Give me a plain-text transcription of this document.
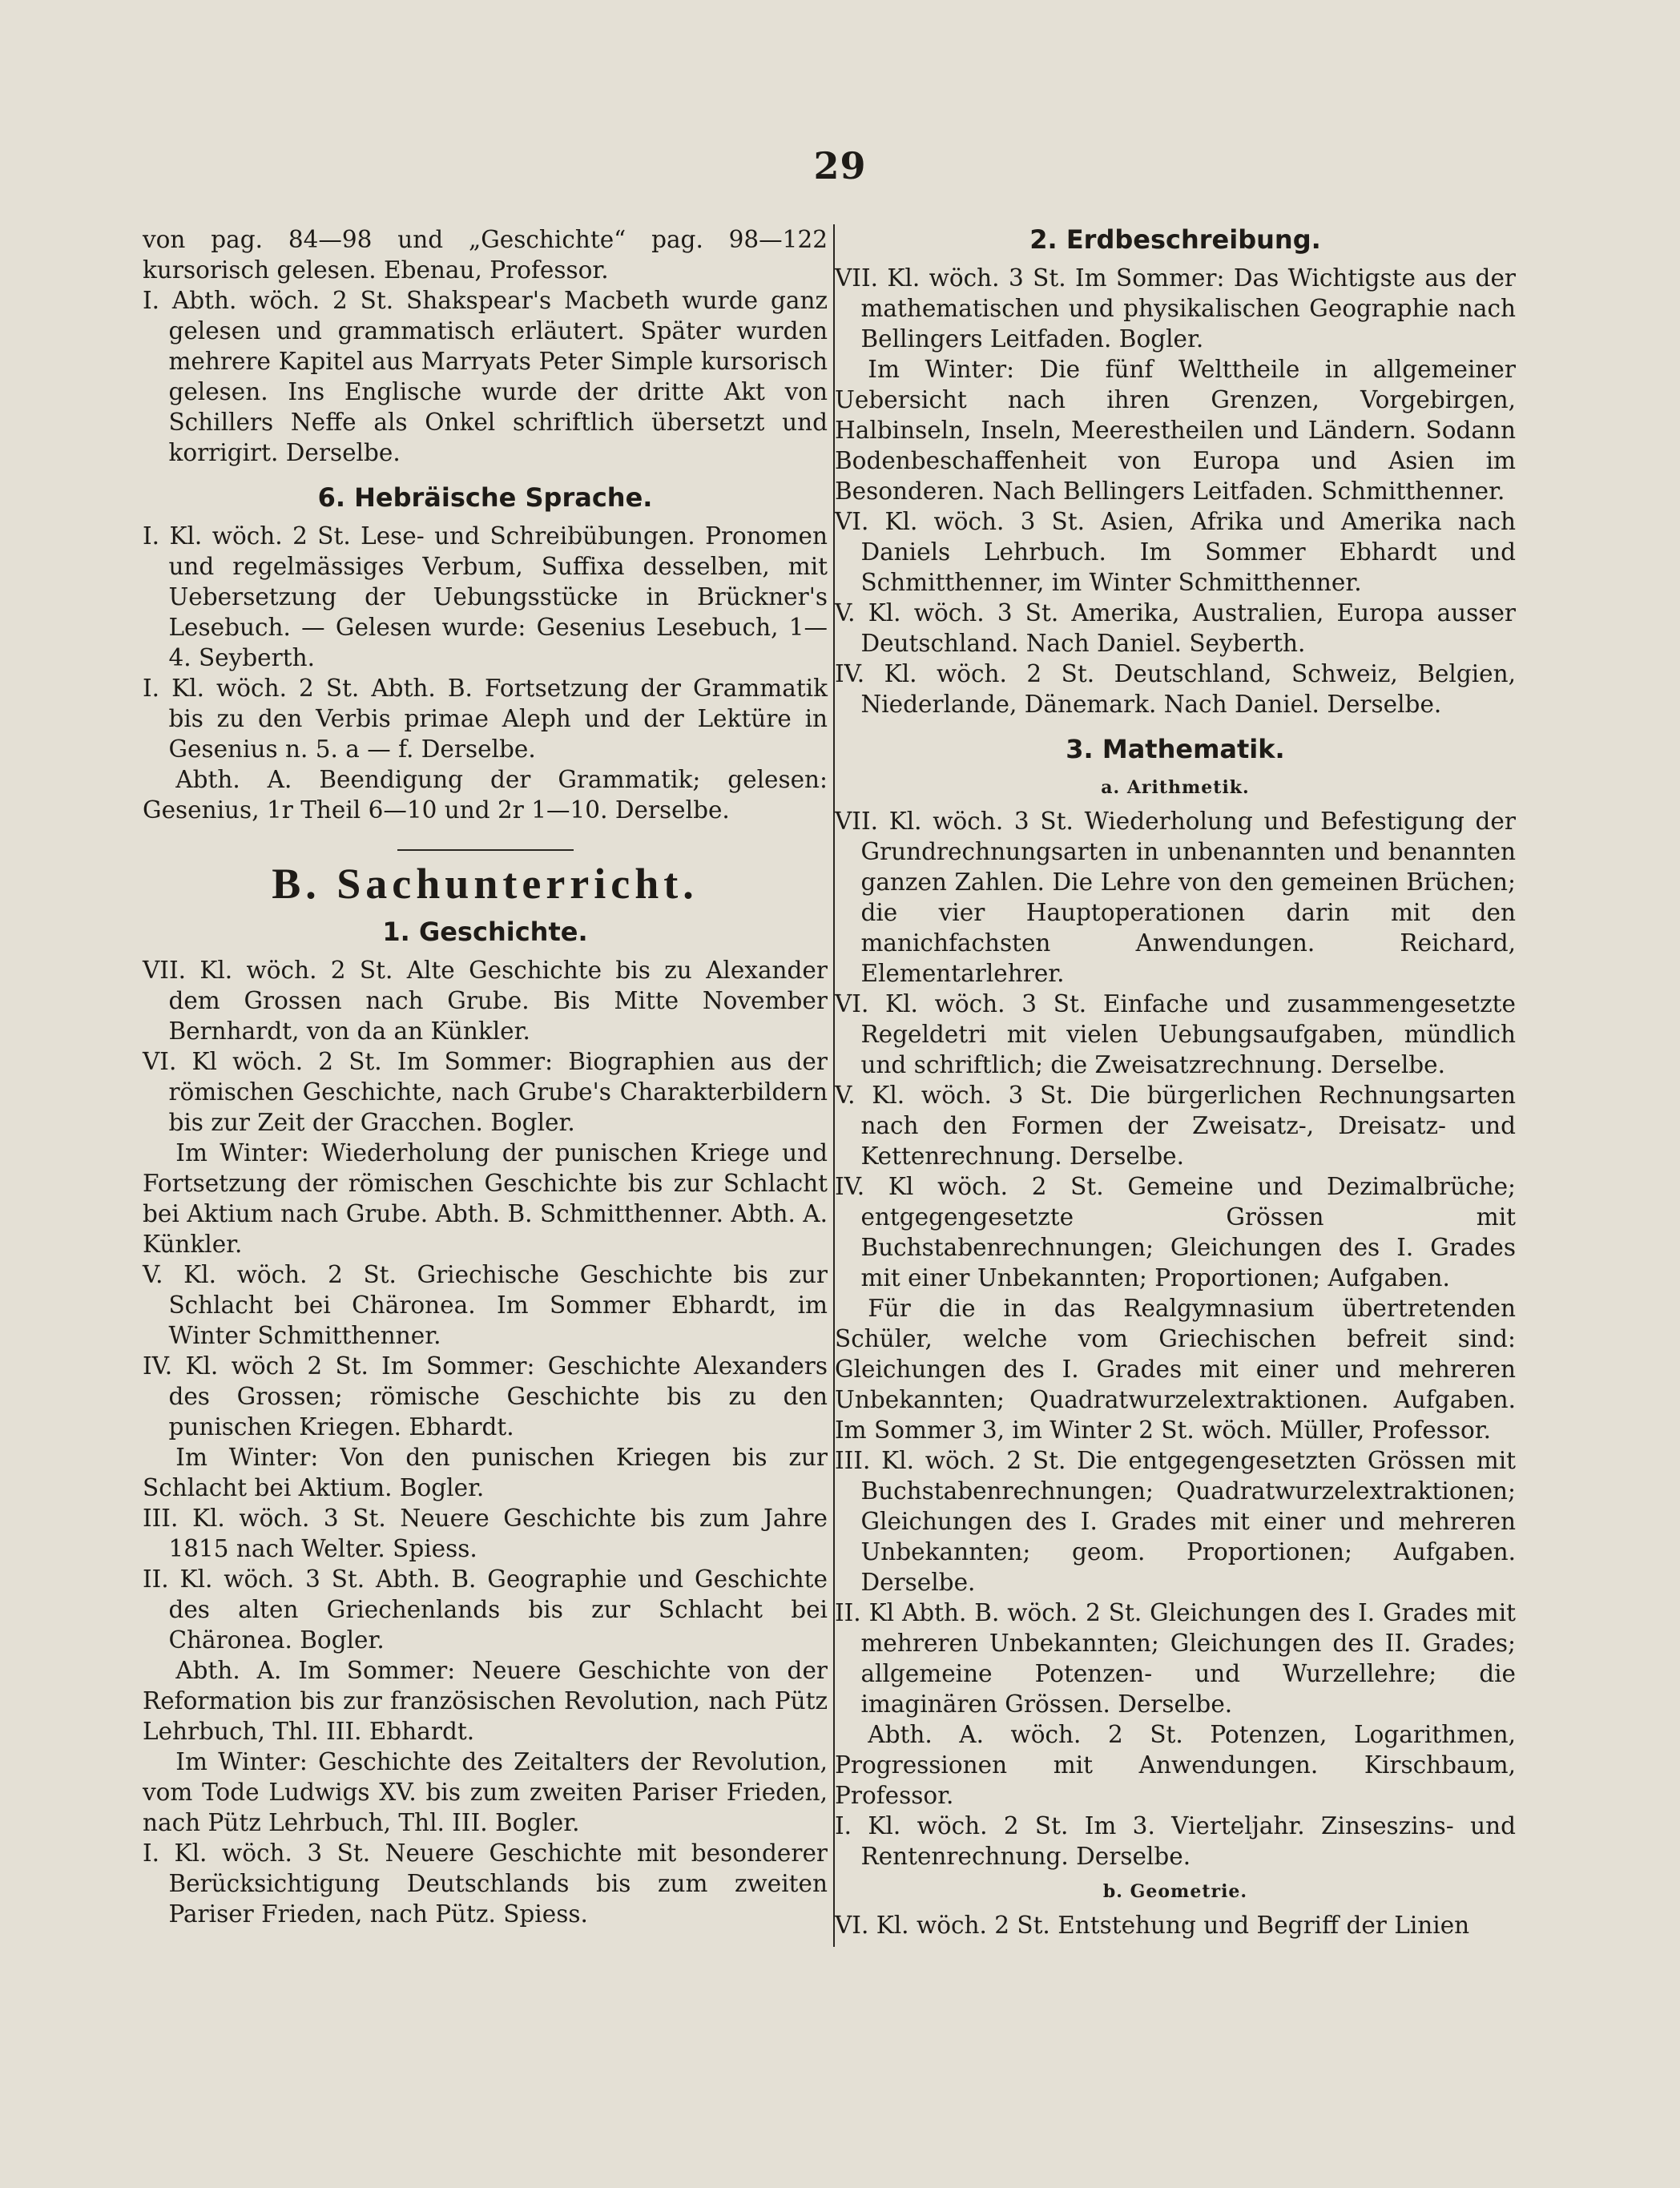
29

von pag. 84—98 und „Geschichte“ pag. 98—122 kursorisch gelesen. Ebenau, Professor.

I. Abth. wöch. 2 St. Shakspear's Macbeth wurde ganz gelesen und grammatisch erläutert. Später wurden mehrere Kapitel aus Marryats Peter Simple kursorisch gelesen. Ins Englische wurde der dritte Akt von Schillers Neffe als Onkel schriftlich übersetzt und korrigirt. Derselbe.

6. Hebräische Sprache.

I. Kl. wöch. 2 St. Lese- und Schreibübungen. Pronomen und regelmässiges Verbum, Suffixa desselben, mit Uebersetzung der Uebungsstücke in Brückner's Lesebuch. — Gelesen wurde: Gesenius Lesebuch, 1—4. Seyberth.

I. Kl. wöch. 2 St. Abth. B. Fortsetzung der Grammatik bis zu den Verbis primae Aleph und der Lektüre in Gesenius n. 5. a — f. Derselbe.

Abth. A. Beendigung der Grammatik; gelesen: Gesenius, 1r Theil 6—10 und 2r 1—10. Derselbe.

B. Sachunterricht.
1. Geschichte.

VII. Kl. wöch. 2 St. Alte Geschichte bis zu Alexander dem Grossen nach Grube. Bis Mitte November Bernhardt, von da an Künkler.

VI. Kl wöch. 2 St. Im Sommer: Biographien aus der römischen Geschichte, nach Grube's Charakterbildern bis zur Zeit der Gracchen. Bogler.

Im Winter: Wiederholung der punischen Kriege und Fortsetzung der römischen Geschichte bis zur Schlacht bei Aktium nach Grube. Abth. B. Schmitthenner. Abth. A. Künkler.

V. Kl. wöch. 2 St. Griechische Geschichte bis zur Schlacht bei Chäronea. Im Sommer Ebhardt, im Winter Schmitthenner.

IV. Kl. wöch 2 St. Im Sommer: Geschichte Alexanders des Grossen; römische Geschichte bis zu den punischen Kriegen. Ebhardt.

Im Winter: Von den punischen Kriegen bis zur Schlacht bei Aktium. Bogler.

III. Kl. wöch. 3 St. Neuere Geschichte bis zum Jahre 1815 nach Welter. Spiess.

II. Kl. wöch. 3 St. Abth. B. Geographie und Geschichte des alten Griechenlands bis zur Schlacht bei Chäronea. Bogler.

Abth. A. Im Sommer: Neuere Geschichte von der Reformation bis zur französischen Revolution, nach Pütz Lehrbuch, Thl. III. Ebhardt.

Im Winter: Geschichte des Zeitalters der Revolution, vom Tode Ludwigs XV. bis zum zweiten Pariser Frieden, nach Pütz Lehrbuch, Thl. III. Bogler.

I. Kl. wöch. 3 St. Neuere Geschichte mit besonderer Berücksichtigung Deutschlands bis zum zweiten Pariser Frieden, nach Pütz. Spiess.

2. Erdbeschreibung.

VII. Kl. wöch. 3 St. Im Sommer: Das Wichtigste aus der mathematischen und physikalischen Geographie nach Bellingers Leitfaden. Bogler.

Im Winter: Die fünf Welttheile in allgemeiner Uebersicht nach ihren Grenzen, Vorgebirgen, Halbinseln, Inseln, Meerestheilen und Ländern. Sodann Bodenbeschaffenheit von Europa und Asien im Besonderen. Nach Bellingers Leitfaden. Schmitthenner.

VI. Kl. wöch. 3 St. Asien, Afrika und Amerika nach Daniels Lehrbuch. Im Sommer Ebhardt und Schmitthenner, im Winter Schmitthenner.

V. Kl. wöch. 3 St. Amerika, Australien, Europa ausser Deutschland. Nach Daniel. Seyberth.

IV. Kl. wöch. 2 St. Deutschland, Schweiz, Belgien, Niederlande, Dänemark. Nach Daniel. Derselbe.

3. Mathematik.
a. Arithmetik.

VII. Kl. wöch. 3 St. Wiederholung und Befestigung der Grundrechnungsarten in unbenannten und benannten ganzen Zahlen. Die Lehre von den gemeinen Brüchen; die vier Hauptoperationen darin mit den manichfachsten Anwendungen. Reichard, Elementarlehrer.

VI. Kl. wöch. 3 St. Einfache und zusammengesetzte Regeldetri mit vielen Uebungsaufgaben, mündlich und schriftlich; die Zweisatzrechnung. Derselbe.

V. Kl. wöch. 3 St. Die bürgerlichen Rechnungsarten nach den Formen der Zweisatz-, Dreisatz- und Kettenrechnung. Derselbe.

IV. Kl wöch. 2 St. Gemeine und Dezimalbrüche; entgegengesetzte Grössen mit Buchstabenrechnungen; Gleichungen des I. Grades mit einer Unbekannten; Proportionen; Aufgaben.

Für die in das Realgymnasium übertretenden Schüler, welche vom Griechischen befreit sind: Gleichungen des I. Grades mit einer und mehreren Unbekannten; Quadratwurzelextraktionen. Aufgaben. Im Sommer 3, im Winter 2 St. wöch. Müller, Professor.

III. Kl. wöch. 2 St. Die entgegengesetzten Grössen mit Buchstabenrechnungen; Quadratwurzelextraktionen; Gleichungen des I. Grades mit einer und mehreren Unbekannten; geom. Proportionen; Aufgaben. Derselbe.

II. Kl Abth. B. wöch. 2 St. Gleichungen des I. Grades mit mehreren Unbekannten; Gleichungen des II. Grades; allgemeine Potenzen- und Wurzellehre; die imaginären Grössen. Derselbe.

Abth. A. wöch. 2 St. Potenzen, Logarithmen, Progressionen mit Anwendungen. Kirschbaum, Professor.

I. Kl. wöch. 2 St. Im 3. Vierteljahr. Zinseszins- und Rentenrechnung. Derselbe.

b. Geometrie.

VI. Kl. wöch. 2 St. Entstehung und Begriff der Linien
